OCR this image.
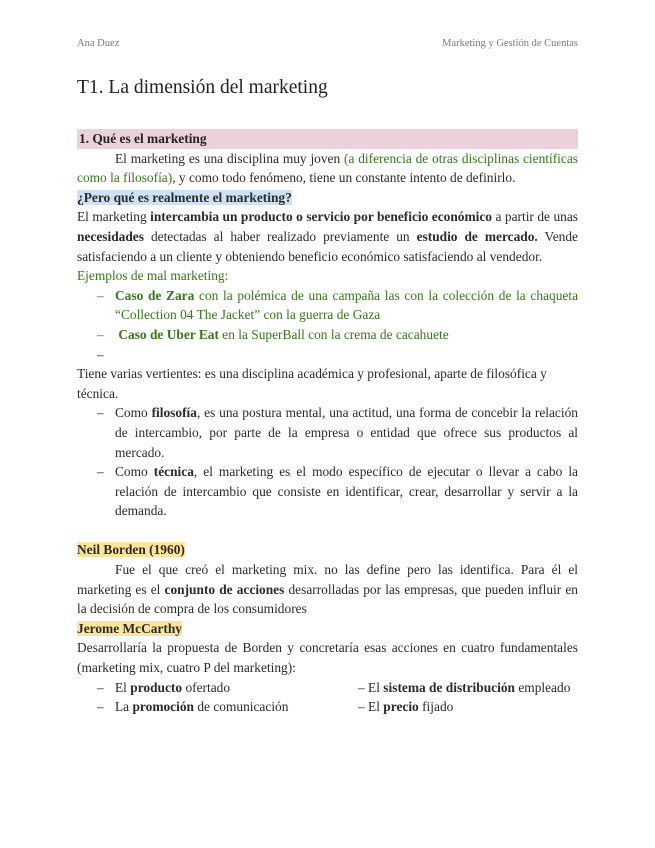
Ana Duez	Marketing y Gestión de Cuentas
T1. La dimensión del marketing

1. Qué es el marketing

El marketing es una disciplina muy joven (a diferencia de otras disciplinas científicas como la filosofía), y como todo fenómeno, tiene un constante intento de definirlo.

¿Pero qué es realmente el marketing?

El marketing intercambia un producto o servicio por beneficio económico a partir de unas necesidades detectadas al haber realizado previamente un estudio de mercado. Vende satisfaciendo a un cliente y obteniendo beneficio económico satisfaciendo al vendedor.

Ejemplos de mal marketing:

– Caso de Zara con la polémica de una campaña las con la colección de la chaqueta “Collection 04 The Jacket” con la guerra de Gaza
– Caso de Uber Eat en la SuperBall con la crema de cacahuete
–

Tiene varias vertientes: es una disciplina académica y profesional, aparte de filosófica y técnica.

– Como filosofía, es una postura mental, una actitud, una forma de concebir la relación de intercambio, por parte de la empresa o entidad que ofrece sus productos al mercado.
– Como técnica, el marketing es el modo específico de ejecutar o llevar a cabo la relación de intercambio que consiste en identificar, crear, desarrollar y servir a la demanda.

Neil Borden (1960)

Fue el que creó el marketing mix. no las define pero las identifica. Para él el marketing es el conjunto de acciones desarrolladas por las empresas, que pueden influir en la decisión de compra de los consumidores

Jerome McCarthy

Desarrollaría la propuesta de Borden y concretaría esas acciones en cuatro fundamentales (marketing mix, cuatro P del marketing):

– El producto ofertado	– El sistema de distribución empleado
– La promoción de comunicación	– El precio fijado
